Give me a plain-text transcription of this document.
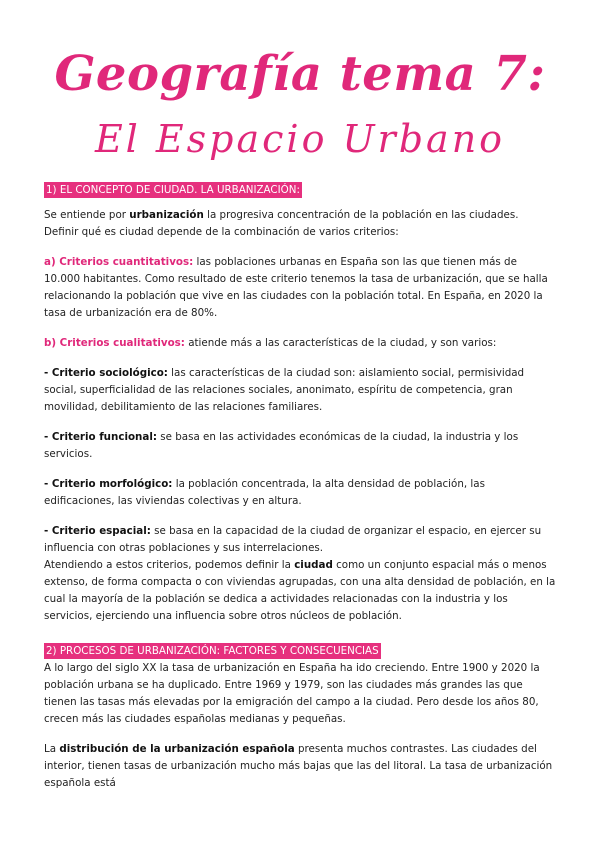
Geografía tema 7:
El Espacio Urbano
1) EL CONCEPTO DE CIUDAD. LA URBANIZACIÓN:

Se entiende por urbanización la progresiva concentración de la población en las ciudades. Definir qué es ciudad depende de la combinación de varios criterios:

a) Criterios cuantitativos: las poblaciones urbanas en España son las que tienen más de 10.000 habitantes. Como resultado de este criterio tenemos la tasa de urbanización, que se halla relacionando la población que vive en las ciudades con la población total. En España, en 2020 la tasa de urbanización era de 80%.

b) Criterios cualitativos: atiende más a las características de la ciudad, y son varios:

- Criterio sociológico: las características de la ciudad son: aislamiento social, permisividad social, superficialidad de las relaciones sociales, anonimato, espíritu de competencia, gran movilidad, debilitamiento de las relaciones familiares.

- Criterio funcional: se basa en las actividades económicas de la ciudad, la industria y los servicios.

- Criterio morfológico: la población concentrada, la alta densidad de población, las edificaciones, las viviendas colectivas y en altura.

- Criterio espacial: se basa en la capacidad de la ciudad de organizar el espacio, en ejercer su influencia con otras poblaciones y sus interrelaciones.

Atendiendo a estos criterios, podemos definir la ciudad como un conjunto espacial más o menos extenso, de forma compacta o con viviendas agrupadas, con una alta densidad de población, en la cual la mayoría de la población se dedica a actividades relacionadas con la industria y los servicios, ejerciendo una influencia sobre otros núcleos de población.

2) PROCESOS DE URBANIZACIÓN: FACTORES Y CONSECUENCIAS

A lo largo del siglo XX la tasa de urbanización en España ha ido creciendo. Entre 1900 y 2020 la población urbana se ha duplicado. Entre 1969 y 1979, son las ciudades más grandes las que tienen las tasas más elevadas por la emigración del campo a la ciudad. Pero desde los años 80, crecen más las ciudades españolas medianas y pequeñas.

La distribución de la urbanización española presenta muchos contrastes. Las ciudades del interior, tienen tasas de urbanización mucho más bajas que las del litoral. La tasa de urbanización española está
